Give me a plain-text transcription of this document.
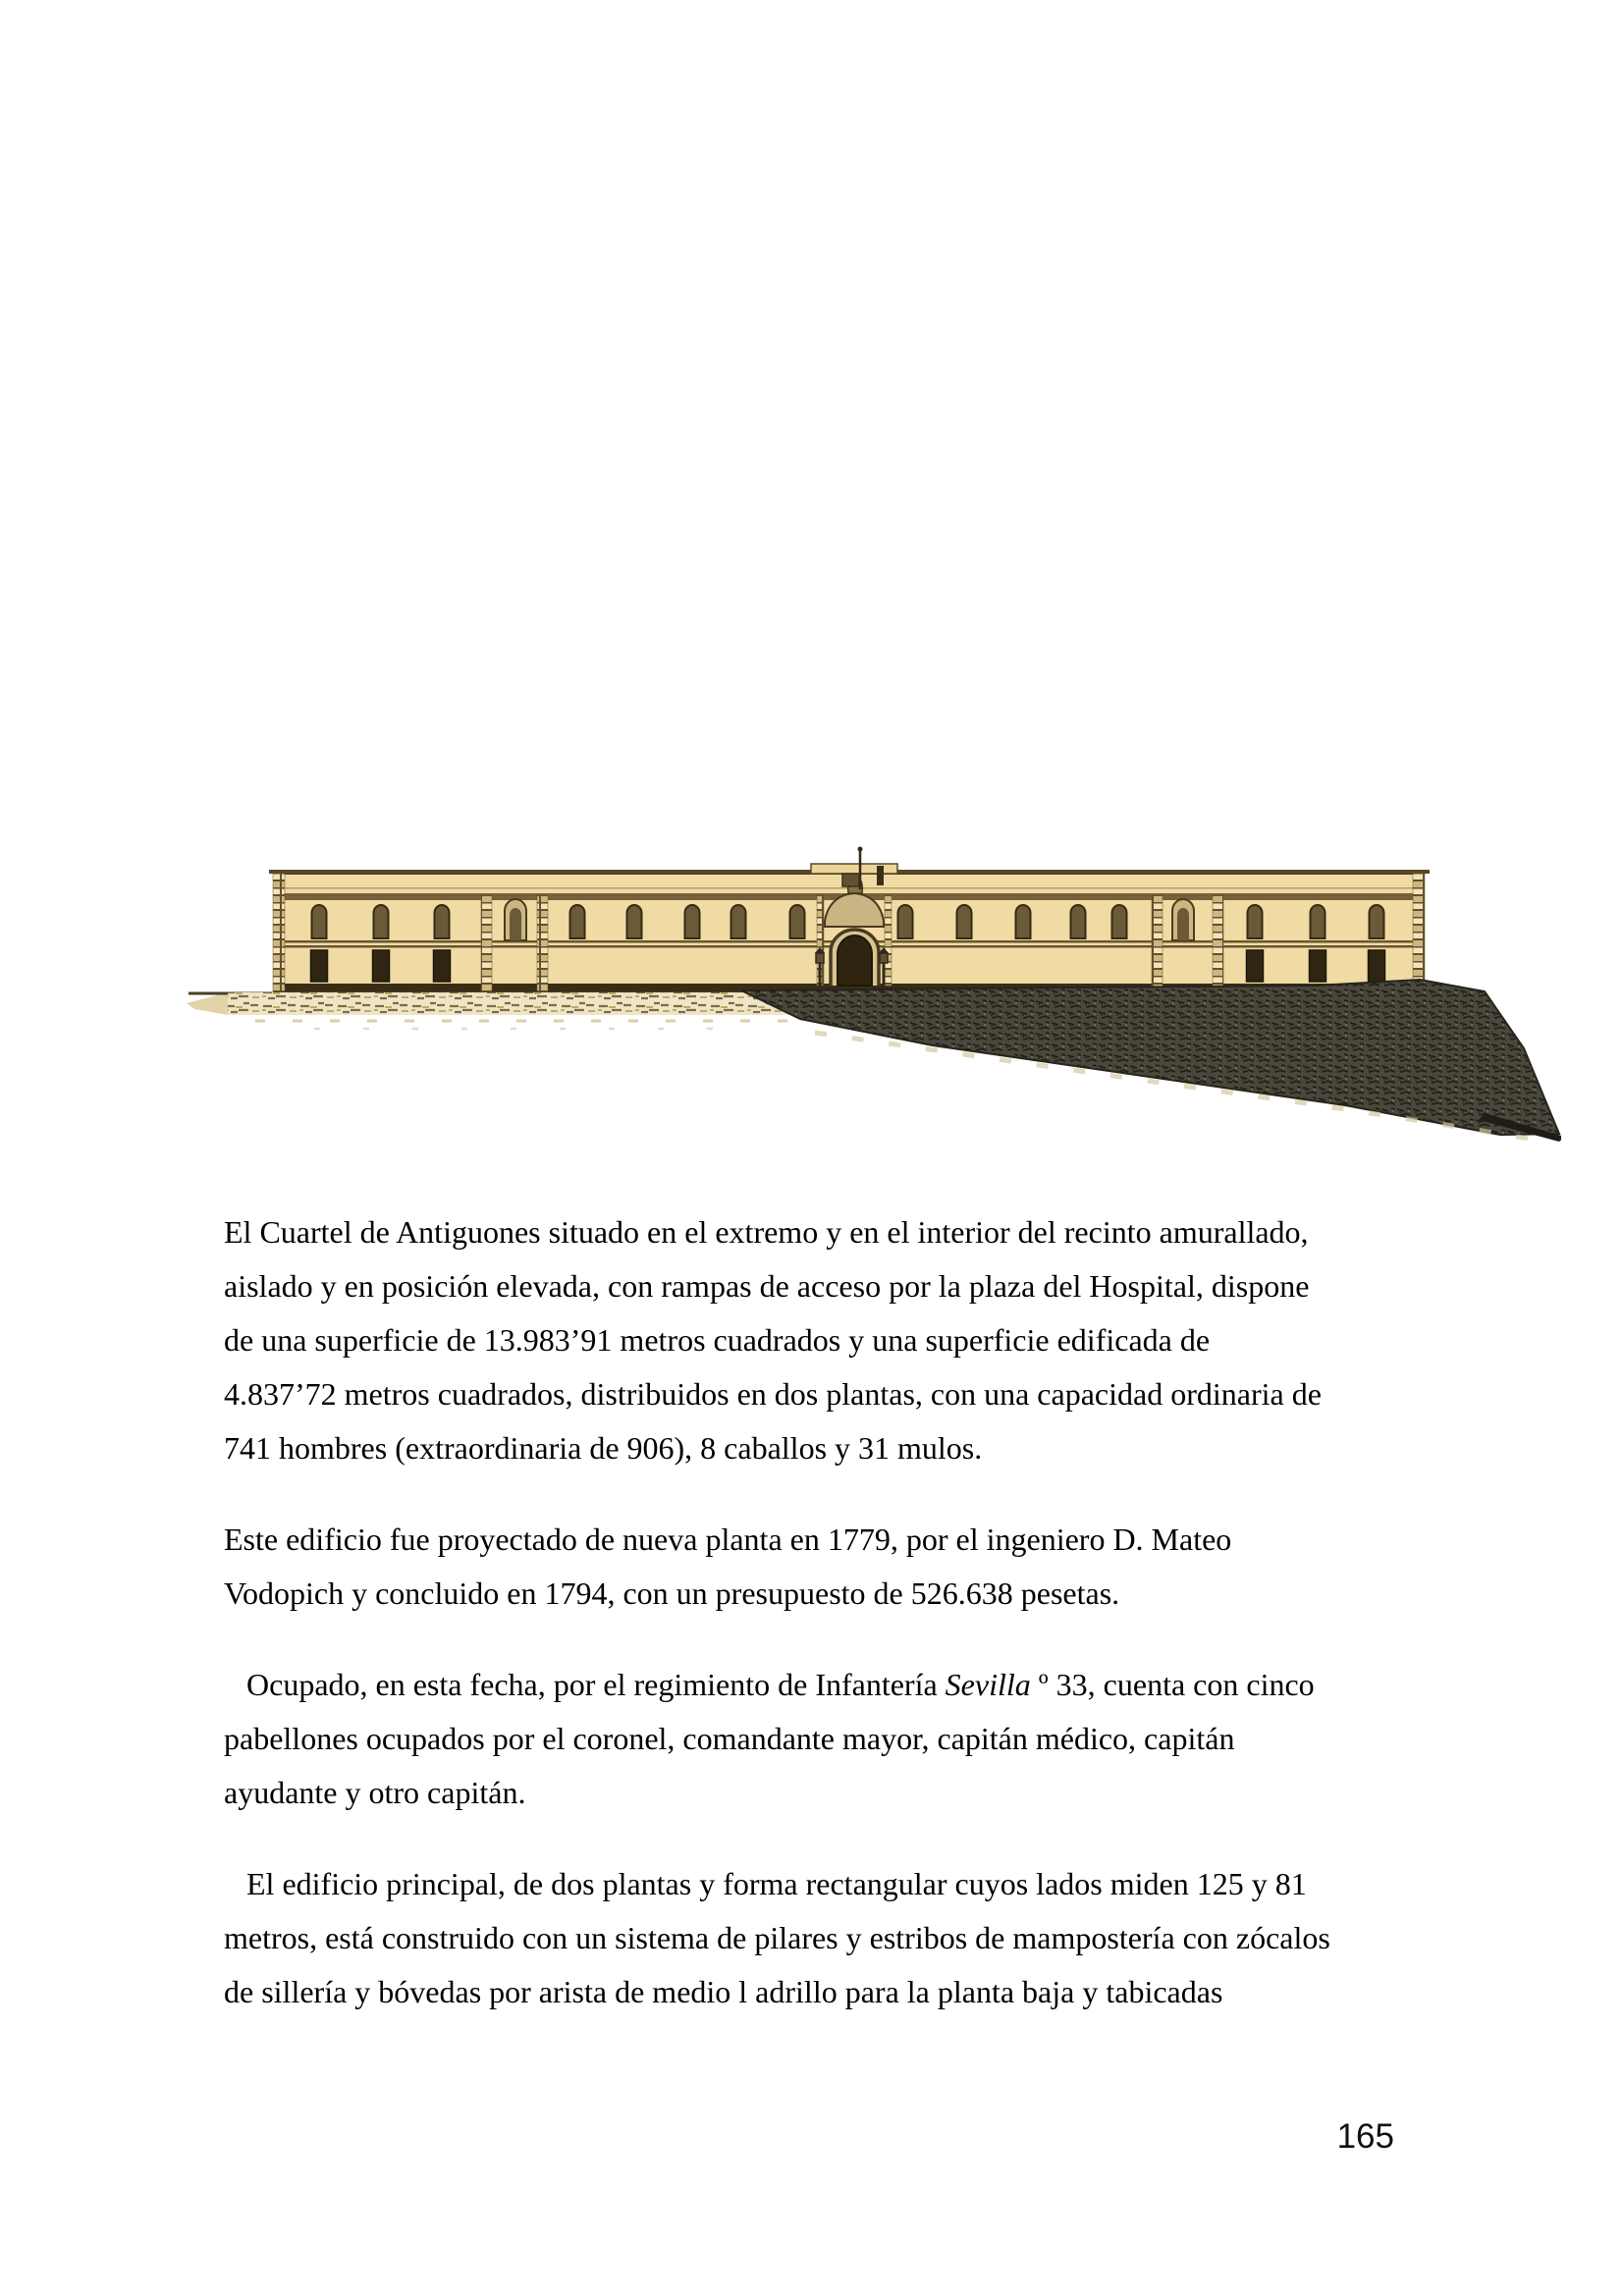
El Cuartel de Antiguones situado en el extremo y en el interior del recinto amurallado,
aislado y en posición elevada, con rampas de acceso por la plaza del Hospital, dispone
de una superficie de 13.983’91 metros cuadrados y una superficie edificada de
4.837’72 metros cuadrados, distribuidos en dos plantas, con una capacidad ordinaria de
741 hombres (extraordinaria de 906), 8 caballos y 31 mulos.
Este edificio fue proyectado de nueva planta en 1779, por el ingeniero D. Mateo
Vodopich y concluido en 1794, con un presupuesto de 526.638 pesetas.
Ocupado, en esta fecha, por el regimiento de Infantería Sevilla º 33, cuenta con cinco
pabellones ocupados por el coronel, comandante mayor, capitán médico, capitán
ayudante y otro capitán.
El edificio principal, de dos plantas y forma rectangular cuyos lados miden 125 y 81
metros, está construido con un sistema de pilares y estribos de mampostería con zócalos
de sillería y bóvedas por arista de medio l adrillo para la planta baja y tabicadas
165
